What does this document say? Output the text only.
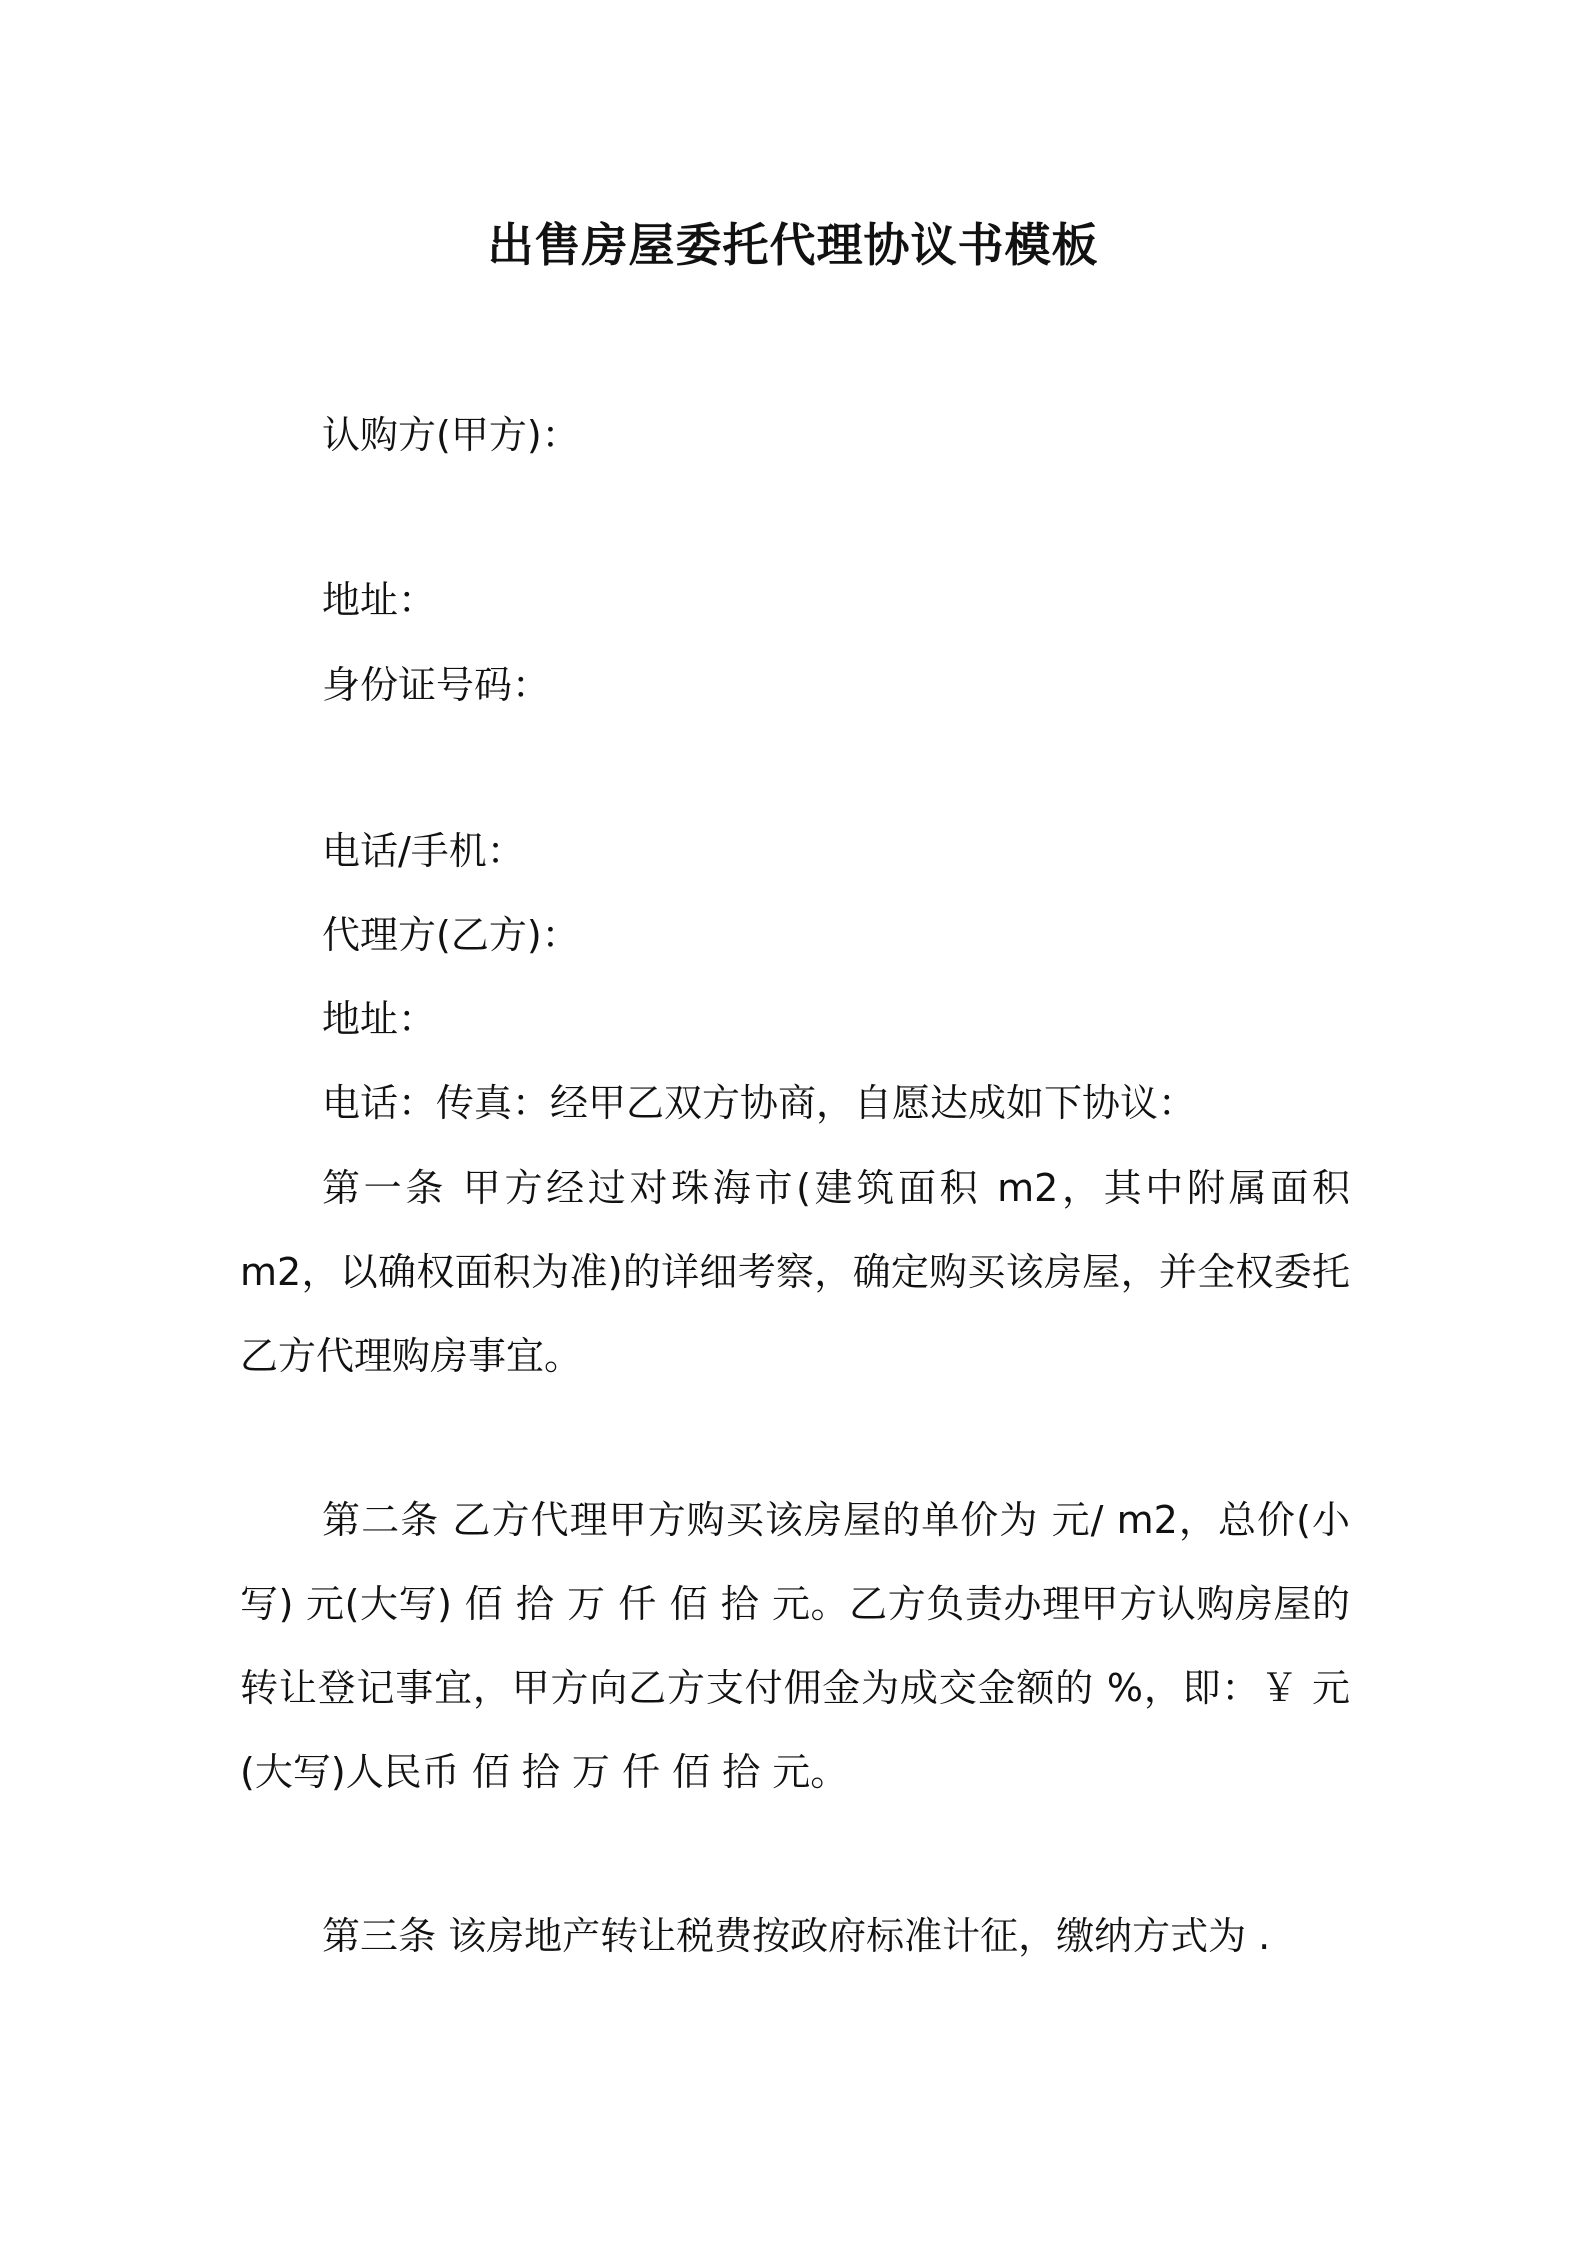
出售房屋委托代理协议书模板
认购方(甲方)：
地址：
身份证号码：
电话/手机：
代理方(乙方)：
地址：
电话：传真：经甲乙双方协商，自愿达成如下协议：
第一条 甲方经过对珠海市(建筑面积 m2，其中附属面积 m2，以确权面积为准)的详细考察，确定购买该房屋，并全权委托乙方代理购房事宜。
第二条 乙方代理甲方购买该房屋的单价为 元/ m2，总价(小写) 元(大写) 佰 拾 万 仟 佰 拾 元。乙方负责办理甲方认购房屋的转让登记事宜，甲方向乙方支付佣金为成交金额的 %，即：￥ 元(大写)人民币 佰 拾 万 仟 佰 拾 元。
第三条 该房地产转让税费按政府标准计征，缴纳方式为 .
